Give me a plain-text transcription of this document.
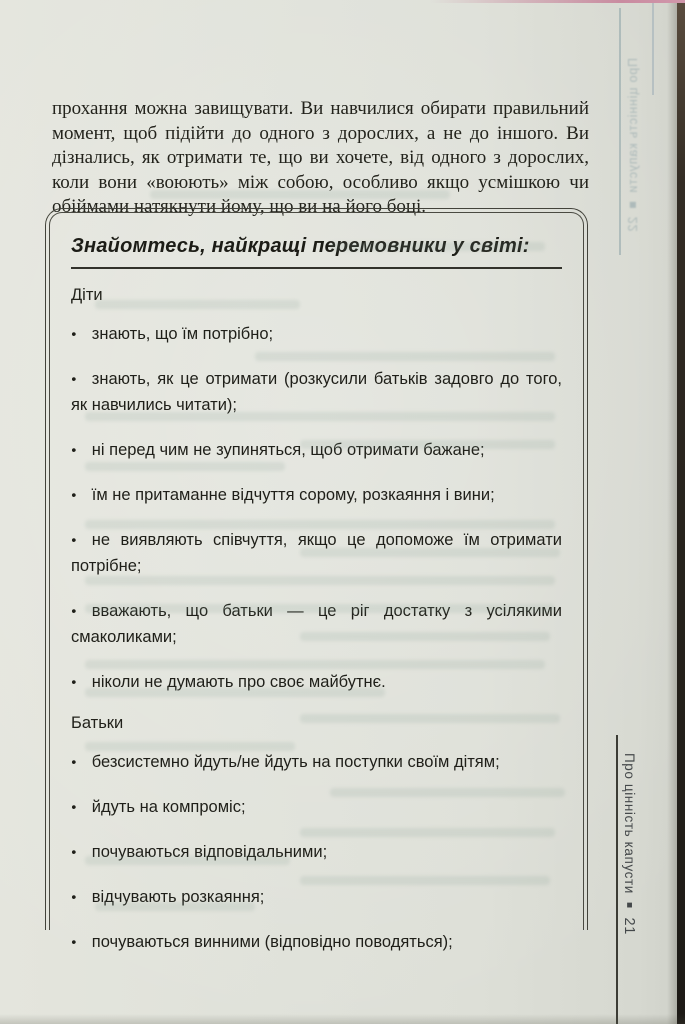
прохання можна завищувати. Ви навчилися обирати правильний момент, щоб підійти до одного з дорослих, а не до іншого. Ви дізнались, як отримати те, що ви хочете, від одного з дорослих, коли вони «воюють» між собою, особливо якщо усмішкою чи обіймами натякнути йому, що ви на його боці.

Знайомтесь, найкращі перемовники у світі:
Діти

• знають, що їм потрібно;

• знають, як це отримати (розкусили батьків задовго до того, як навчились читати);

• ні перед чим не зупиняться, щоб отримати бажане;

• їм не притаманне відчуття сорому, розкаяння і вини;

• не виявляють співчуття, якщо це допоможе їм отримати потрібне;

• вважають, що батьки — це ріг достатку з усілякими смаколиками;

• ніколи не думають про своє майбутнє.

Батьки

• безсистемно йдуть/не йдуть на поступки своїм дітям;

• йдуть на компроміс;

• почуваються відповідальними;

• відчувають розкаяння;

• почуваються винними (відповідно поводяться);

Про цінність капусти■21
Про цінність капусти ■ 22
